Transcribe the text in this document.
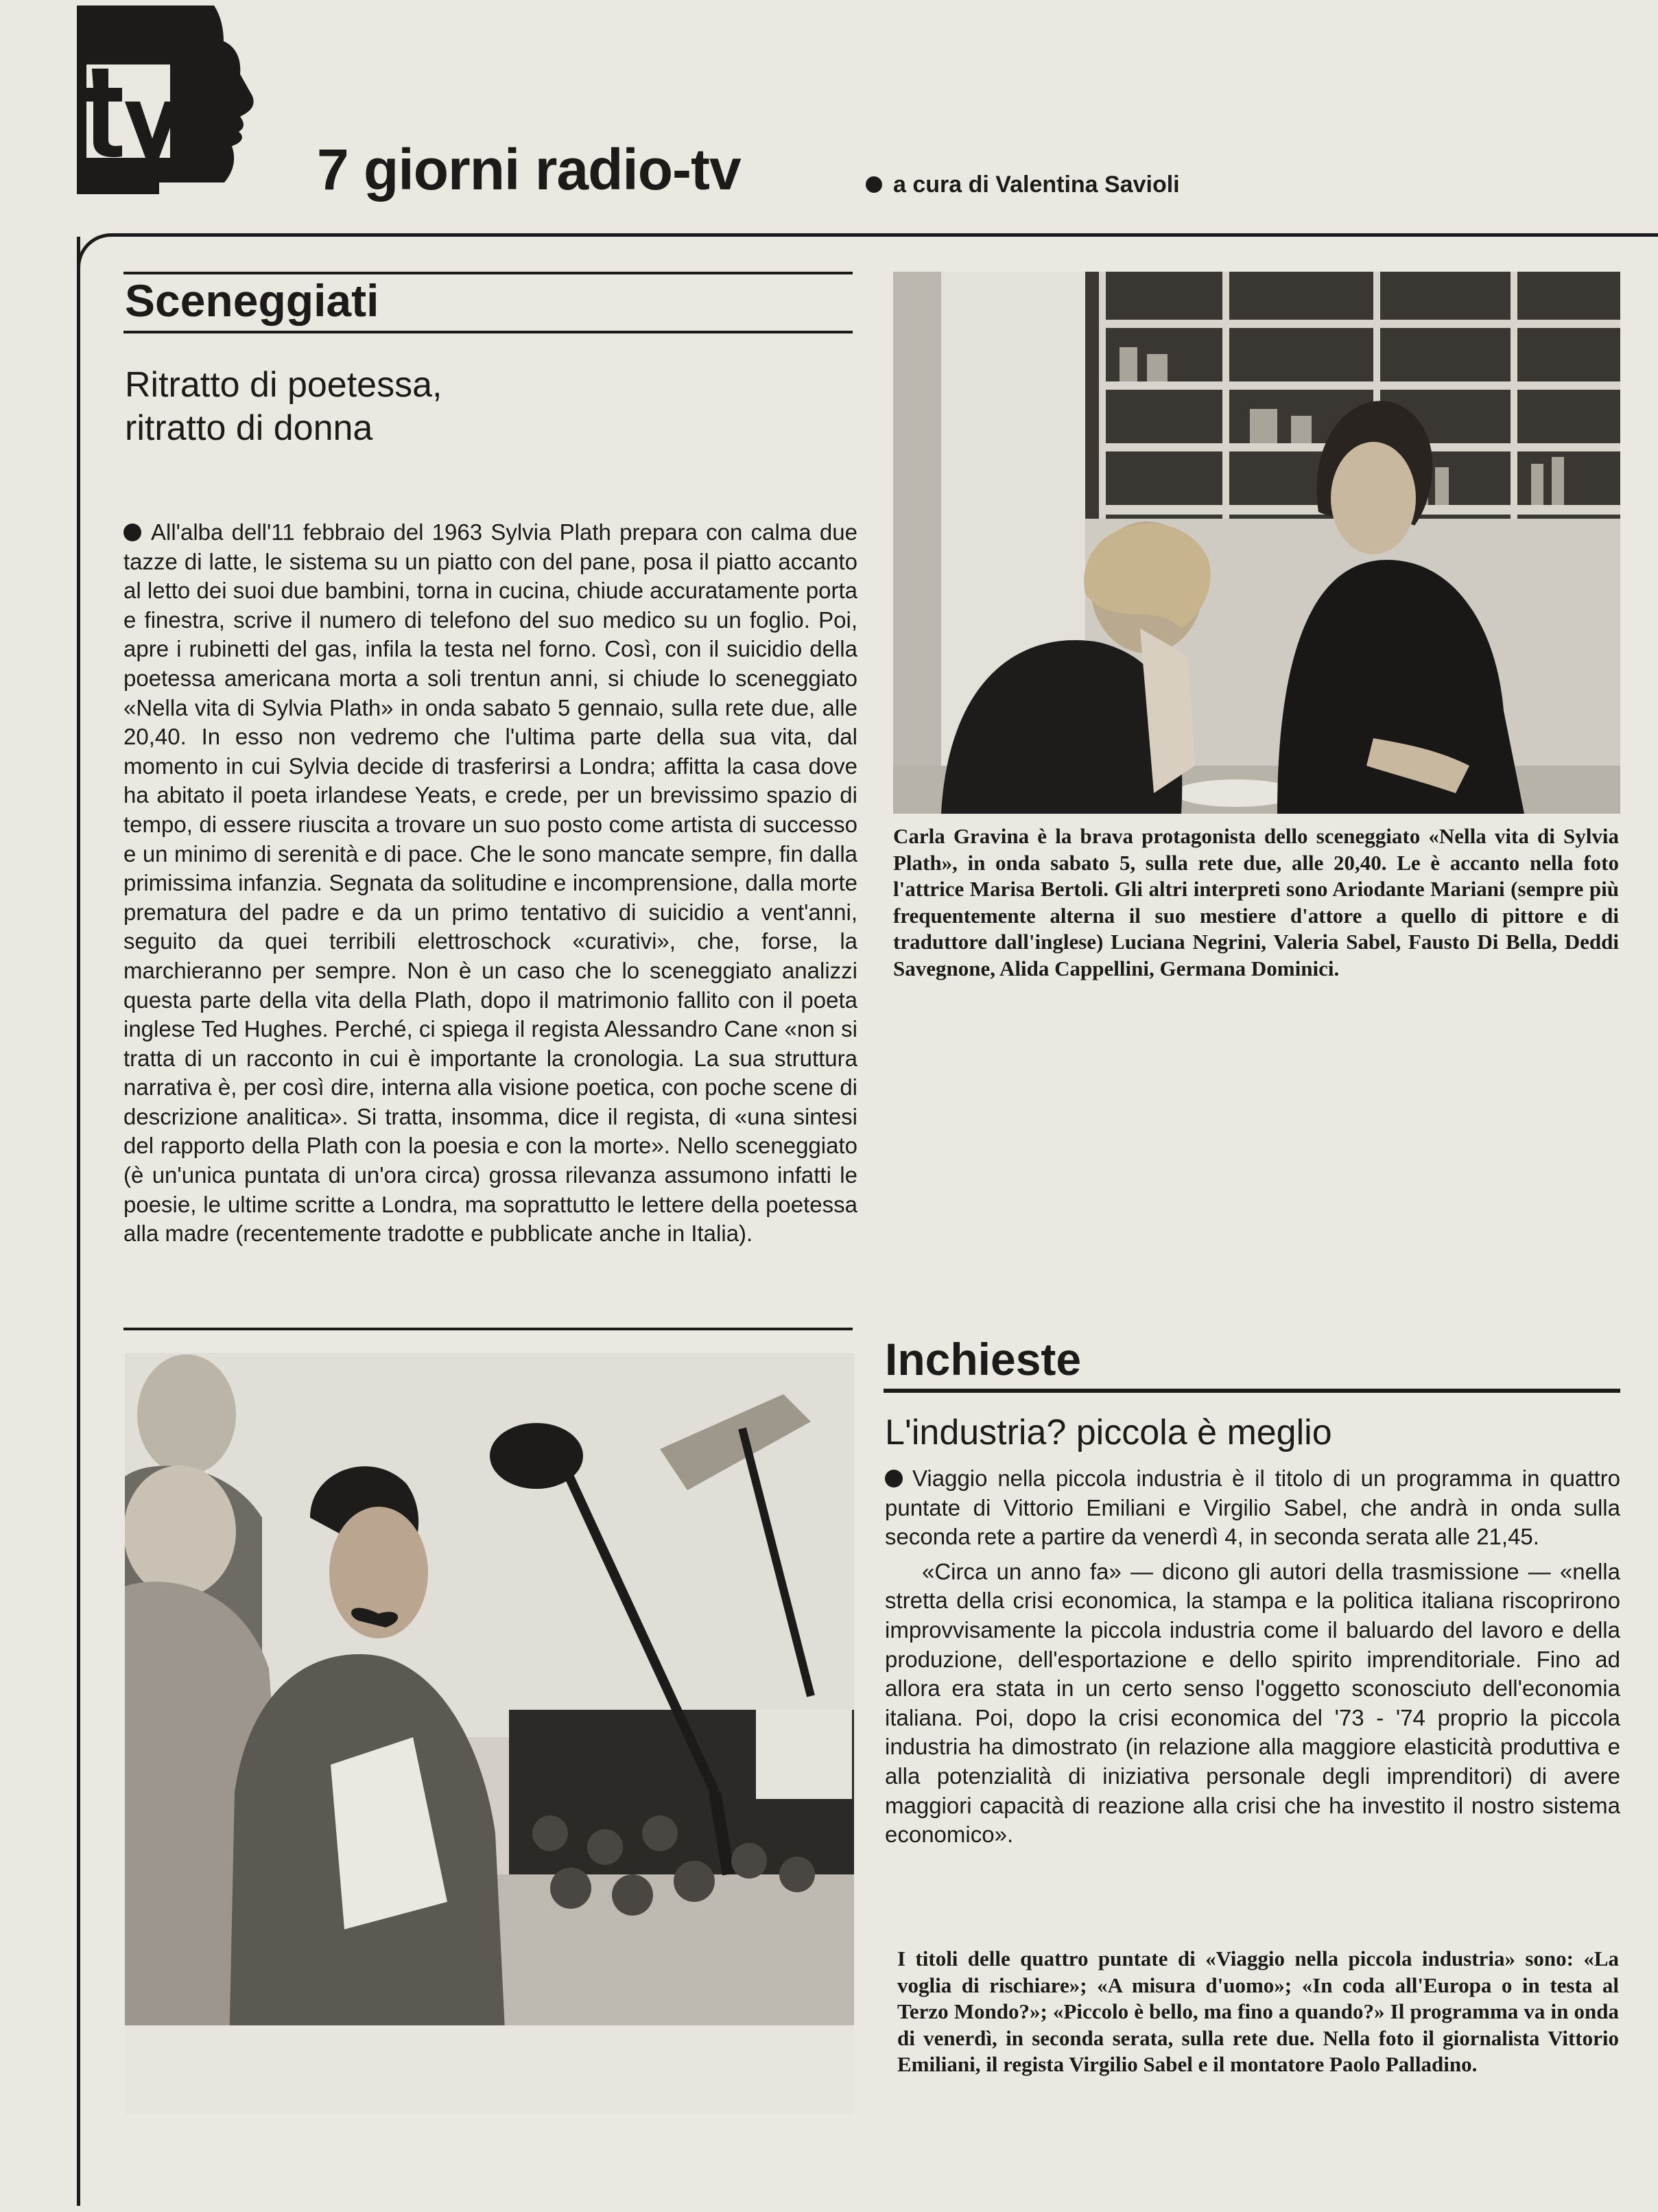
7 giorni radio-tv	a cura di Valentina Savioli
Sceneggiati
Ritratto di poetessa,
ritratto di donna
Carla Gravina è la brava protagonista dello sceneggiato «Nella vita di Sylvia Plath», in onda sabato 5, sulla rete due, alle 20,40. Le è accanto nella foto l'attrice Marisa Bertoli. Gli altri interpreti sono Ariodante Mariani (sempre più frequentemente alterna il suo mestiere d'attore a quello di pittore e di traduttore dall'inglese) Luciana Negrini, Valeria Sabel, Fausto Di Bella, Deddi Savegnone, Alida Cappellini, Germana Dominici.
All'alba dell'11 febbraio del 1963 Sylvia Plath prepara con calma due tazze di latte, le sistema su un piatto con del pane, posa il piatto accanto al letto dei suoi due bambini, torna in cucina, chiude accuratamente porta e finestra, scrive il numero di telefono del suo medico su un foglio. Poi, apre i rubinetti del gas, infila la testa nel forno. Così, con il suicidio della poetessa americana morta a soli trentun anni, si chiude lo sceneggiato «Nella vita di Sylvia Plath» in onda sabato 5 gennaio, sulla rete due, alle 20,40. In esso non vedremo che l'ultima parte della sua vita, dal momento in cui Sylvia decide di trasferirsi a Londra; affitta la casa dove ha abitato il poeta irlandese Yeats, e crede, per un brevissimo spazio di tempo, di essere riuscita a trovare un suo posto come artista di successo e un minimo di serenità e di pace. Che le sono mancate sempre, fin dalla primissima infanzia. Segnata da solitudine e incomprensione, dalla morte prematura del padre e da un primo tentativo di suicidio a vent'anni, seguito da quei terribili elettroschock «curativi», che, forse, la marchieranno per sempre. Non è un caso che lo sceneggiato analizzi questa parte della vita della Plath, dopo il matrimonio fallito con il poeta inglese Ted Hughes. Perché, ci spiega il regista Alessandro Cane «non si tratta di un racconto in cui è importante la cronologia. La sua struttura narrativa è, per così dire, interna alla visione poetica, con poche scene di descrizione analitica». Si tratta, insomma, dice il regista, di «una sintesi del rapporto della Plath con la poesia e con la morte». Nello sceneggiato (è un'unica puntata di un'ora circa) grossa rilevanza assumono infatti le poesie, le ultime scritte a Londra, ma soprattutto le lettere della poetessa alla madre (recentemente tradotte e pubblicate anche in Italia).
Inchieste
L'industria? piccola è meglio

Viaggio nella piccola industria è il titolo di un programma in quattro puntate di Vittorio Emiliani e Virgilio Sabel, che andrà in onda sulla seconda rete a partire da venerdì 4, in seconda serata alle 21,45.

«Circa un anno fa» — dicono gli autori della trasmissione — «nella stretta della crisi economica, la stampa e la politica italiana riscoprirono improvvisamente la piccola industria come il baluardo del lavoro e della produzione, dell'esportazione e dello spirito imprenditoriale. Fino ad allora era stata in un certo senso l'oggetto sconosciuto dell'economia italiana. Poi, dopo la crisi economica del '73 - '74 proprio la piccola industria ha dimostrato (in relazione alla maggiore elasticità produttiva e alla potenzialità di iniziativa personale degli imprenditori) di avere maggiori capacità di reazione alla crisi che ha investito il nostro sistema economico».

I titoli delle quattro puntate di «Viaggio nella piccola industria» sono: «La voglia di rischiare»; «A misura d'uomo»; «In coda all'Europa o in testa al Terzo Mondo?»; «Piccolo è bello, ma fino a quando?» Il programma va in onda di venerdì, in seconda serata, sulla rete due. Nella foto il giornalista Vittorio Emiliani, il regista Virgilio Sabel e il montatore Paolo Palladino.
